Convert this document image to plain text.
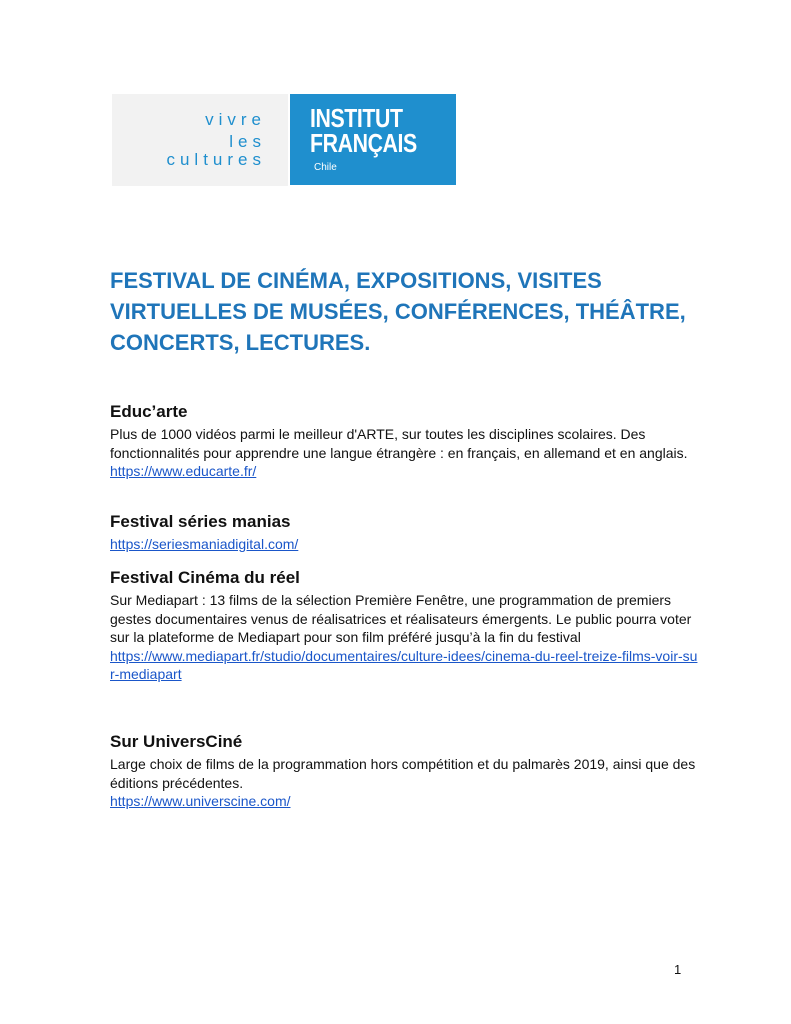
vivre
les
cultures
INSTITUT
FRANÇAIS
Chile
FESTIVAL DE CINÉMA, EXPOSITIONS, VISITES VIRTUELLES DE MUSÉES, CONFÉRENCES, THÉÂTRE, CONCERTS, LECTURES.
Educ’arte

Plus de 1000 vidéos parmi le meilleur d'ARTE, sur toutes les disciplines scolaires. Des fonctionnalités pour apprendre une langue étrangère : en français, en allemand et en anglais.

https://www.educarte.fr/
Festival séries manias
https://seriesmaniadigital.com/
Festival Cinéma du réel

Sur Mediapart : 13 films de la sélection Première Fenêtre, une programmation de premiers gestes documentaires venus de réalisatrices et réalisateurs émergents. Le public pourra voter sur la plateforme de Mediapart pour son film préféré jusqu’à la fin du festival

https://www.mediapart.fr/studio/documentaires/culture-idees/cinema-du-reel-treize-films-voir-sur-mediapart
Sur UniversCiné

Large choix de films de la programmation hors compétition et du palmarès 2019, ainsi que des éditions précédentes.

https://www.universcine.com/
1
